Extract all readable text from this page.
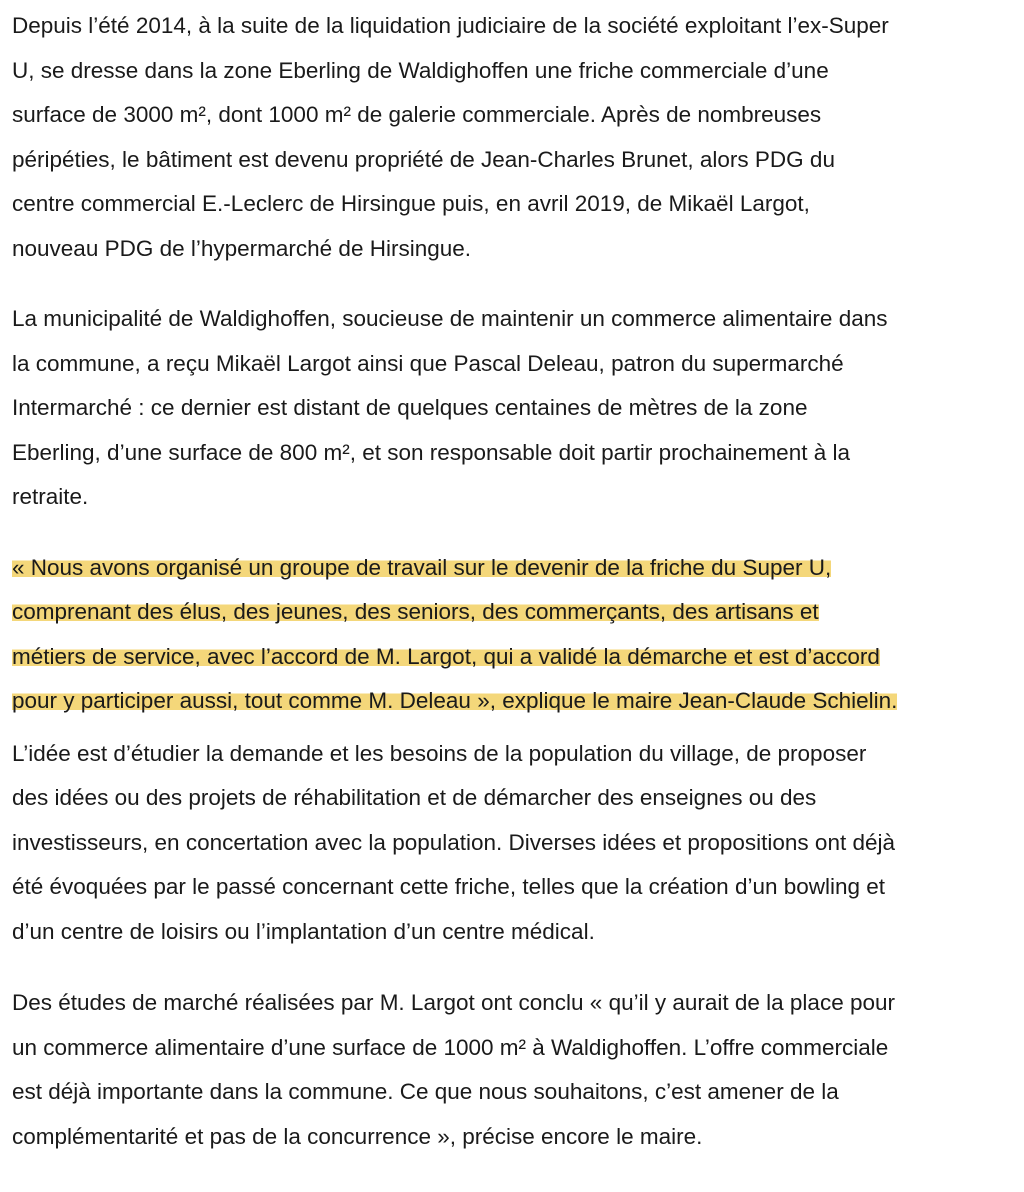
Depuis l’été 2014, à la suite de la liquidation judiciaire de la société exploitant l’ex-Super
U, se dresse dans la zone Eberling de Waldighoffen une friche commerciale d’une
surface de 3000 m², dont 1000 m² de galerie commerciale. Après de nombreuses
péripéties, le bâtiment est devenu propriété de Jean-Charles Brunet, alors PDG du
centre commercial E.-Leclerc de Hirsingue puis, en avril 2019, de Mikaël Largot,
nouveau PDG de l’hypermarché de Hirsingue.

La municipalité de Waldighoffen, soucieuse de maintenir un commerce alimentaire dans
la commune, a reçu Mikaël Largot ainsi que Pascal Deleau, patron du supermarché
Intermarché : ce dernier est distant de quelques centaines de mètres de la zone
Eberling, d’une surface de 800 m², et son responsable doit partir prochainement à la
retraite.

« Nous avons organisé un groupe de travail sur le devenir de la friche du Super U,
comprenant des élus, des jeunes, des seniors, des commerçants, des artisans et
métiers de service, avec l’accord de M. Largot, qui a validé la démarche et est d’accord
pour y participer aussi, tout comme M. Deleau », explique le maire Jean-Claude Schielin.

L’idée est d’étudier la demande et les besoins de la population du village, de proposer
des idées ou des projets de réhabilitation et de démarcher des enseignes ou des
investisseurs, en concertation avec la population. Diverses idées et propositions ont déjà
été évoquées par le passé concernant cette friche, telles que la création d’un bowling et
d’un centre de loisirs ou l’implantation d’un centre médical.

Des études de marché réalisées par M. Largot ont conclu « qu’il y aurait de la place pour
un commerce alimentaire d’une surface de 1000 m² à Waldighoffen. L’offre commerciale
est déjà importante dans la commune. Ce que nous souhaitons, c’est amener de la
complémentarité et pas de la concurrence », précise encore le maire.
